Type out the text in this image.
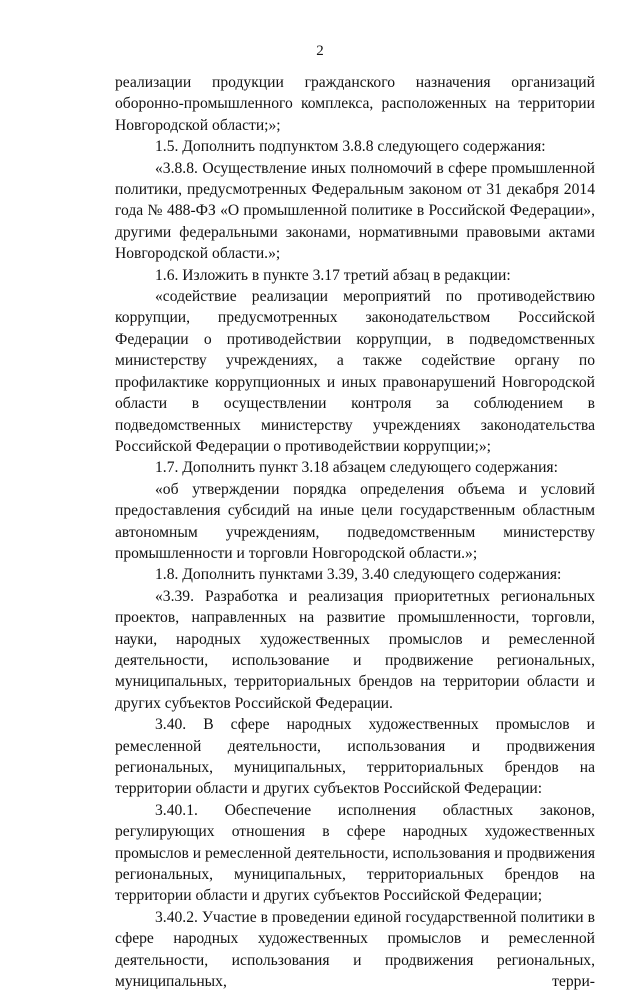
2

реализации продукции гражданского назначения организаций оборонно-промышленного комплекса, расположенных на территории Новгородской области;»;

1.5. Дополнить подпунктом 3.8.8 следующего содержания:

«3.8.8. Осуществление иных полномочий в сфере промышленной политики, предусмотренных Федеральным законом от 31 декабря 2014 года № 488-ФЗ «О промышленной политике в Российской Федерации», другими федеральными законами, нормативными правовыми актами Новгородской области.»;

1.6. Изложить в пункте 3.17 третий абзац в редакции:

«содействие реализации мероприятий по противодействию коррупции, предусмотренных законодательством Российской Федерации о противодействии коррупции, в подведомственных министерству учреждениях, а также содействие органу по профилактике коррупционных и иных правонарушений Новгородской области в осуществлении контроля за соблюдением в подведомственных министерству учреждениях законодательства Российской Федерации о противодействии коррупции;»;

1.7. Дополнить пункт 3.18 абзацем следующего содержания:

«об утверждении порядка определения объема и условий предоставления субсидий на иные цели государственным областным автономным учреждениям, подведомственным министерству промышленности и торговли Новгородской области.»;

1.8. Дополнить пунктами 3.39, 3.40 следующего содержания:

«3.39. Разработка и реализация приоритетных региональных проектов, направленных на развитие промышленности, торговли, науки, народных художественных промыслов и ремесленной деятельности, использование и продвижение региональных, муниципальных, территориальных брендов на территории области и других субъектов Российской Федерации.

3.40. В сфере народных художественных промыслов и ремесленной деятельности, использования и продвижения региональных, муниципальных, территориальных брендов на территории области и других субъектов Российской Федерации:

3.40.1. Обеспечение исполнения областных законов, регулирующих отношения в сфере народных художественных промыслов и ремесленной деятельности, использования и продвижения региональных, муниципальных, территориальных брендов на территории области и других субъектов Российской Федерации;

3.40.2. Участие в проведении единой государственной политики в сфере народных художественных промыслов и ремесленной деятельности, использования и продвижения региональных, муниципальных, терри-
